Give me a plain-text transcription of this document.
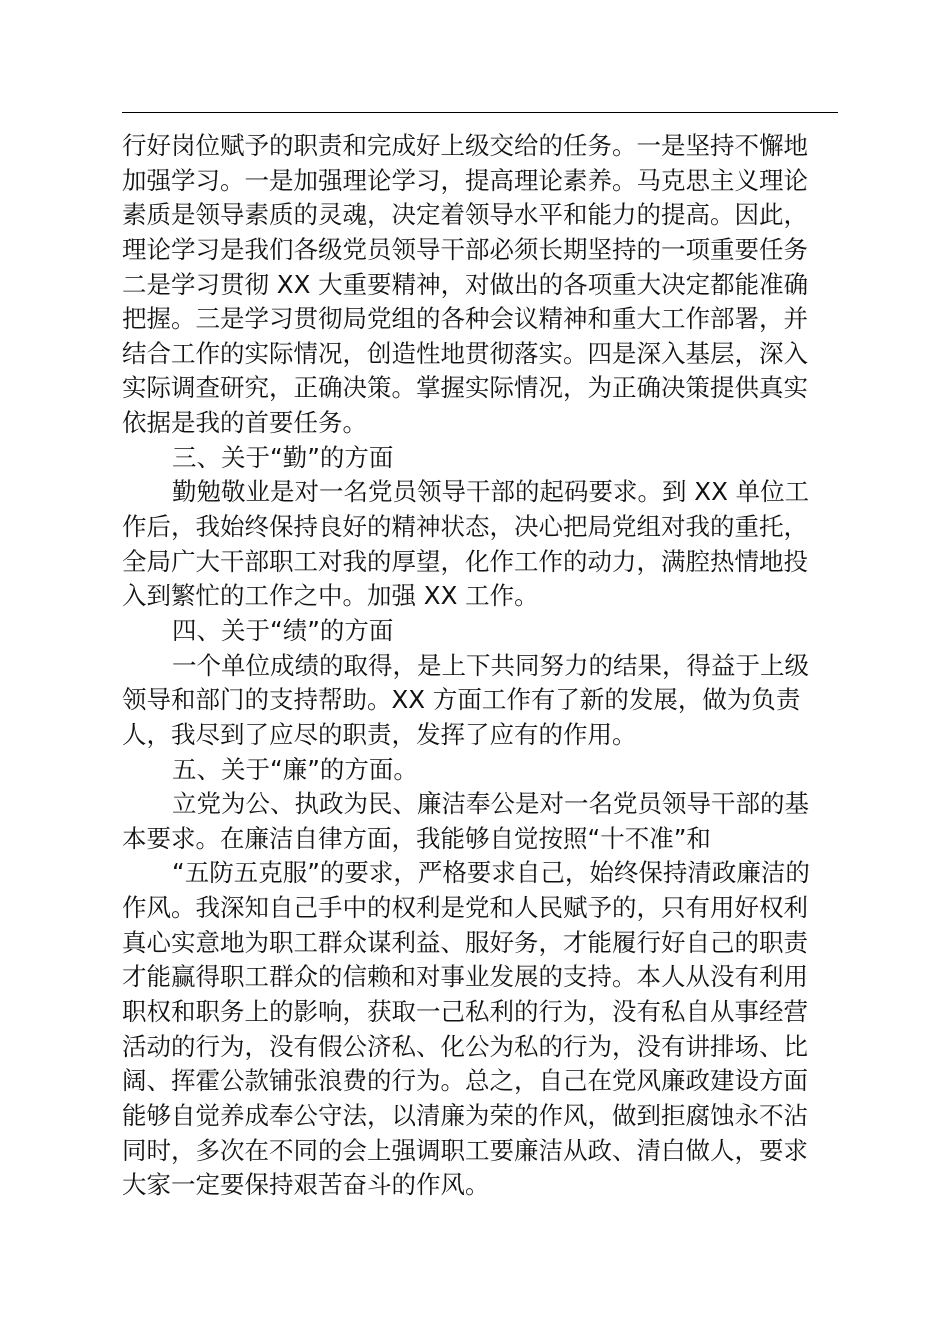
行好岗位赋予的职责和完成好上级交给的任务。一是坚持不懈地
加强学习。一是加强理论学习，提高理论素养。马克思主义理论
素质是领导素质的灵魂，决定着领导水平和能力的提高。因此，
理论学习是我们各级党员领导干部必须长期坚持的一项重要任务
二是学习贯彻 XX 大重要精神，对做出的各项重大决定都能准确
把握。三是学习贯彻局党组的各种会议精神和重大工作部署，并
结合工作的实际情况，创造性地贯彻落实。四是深入基层，深入
实际调查研究，正确决策。掌握实际情况，为正确决策提供真实
依据是我的首要任务。
三、关于“勤”的方面
勤勉敬业是对一名党员领导干部的起码要求。到 XX 单位工
作后，我始终保持良好的精神状态，决心把局党组对我的重托，
全局广大干部职工对我的厚望，化作工作的动力，满腔热情地投
入到繁忙的工作之中。加强 XX 工作。
四、关于“绩”的方面
一个单位成绩的取得，是上下共同努力的结果，得益于上级
领导和部门的支持帮助。XX 方面工作有了新的发展，做为负责
人，我尽到了应尽的职责，发挥了应有的作用。
五、关于“廉”的方面。
立党为公、执政为民、廉洁奉公是对一名党员领导干部的基
本要求。在廉洁自律方面，我能够自觉按照“十不准”和
“五防五克服”的要求，严格要求自己，始终保持清政廉洁的
作风。我深知自己手中的权利是党和人民赋予的，只有用好权利
真心实意地为职工群众谋利益、服好务，才能履行好自己的职责
才能赢得职工群众的信赖和对事业发展的支持。本人从没有利用
职权和职务上的影响，获取一己私利的行为，没有私自从事经营
活动的行为，没有假公济私、化公为私的行为，没有讲排场、比
阔、挥霍公款铺张浪费的行为。总之，自己在党风廉政建设方面
能够自觉养成奉公守法，以清廉为荣的作风，做到拒腐蚀永不沾
同时，多次在不同的会上强调职工要廉洁从政、清白做人，要求
大家一定要保持艰苦奋斗的作风。
